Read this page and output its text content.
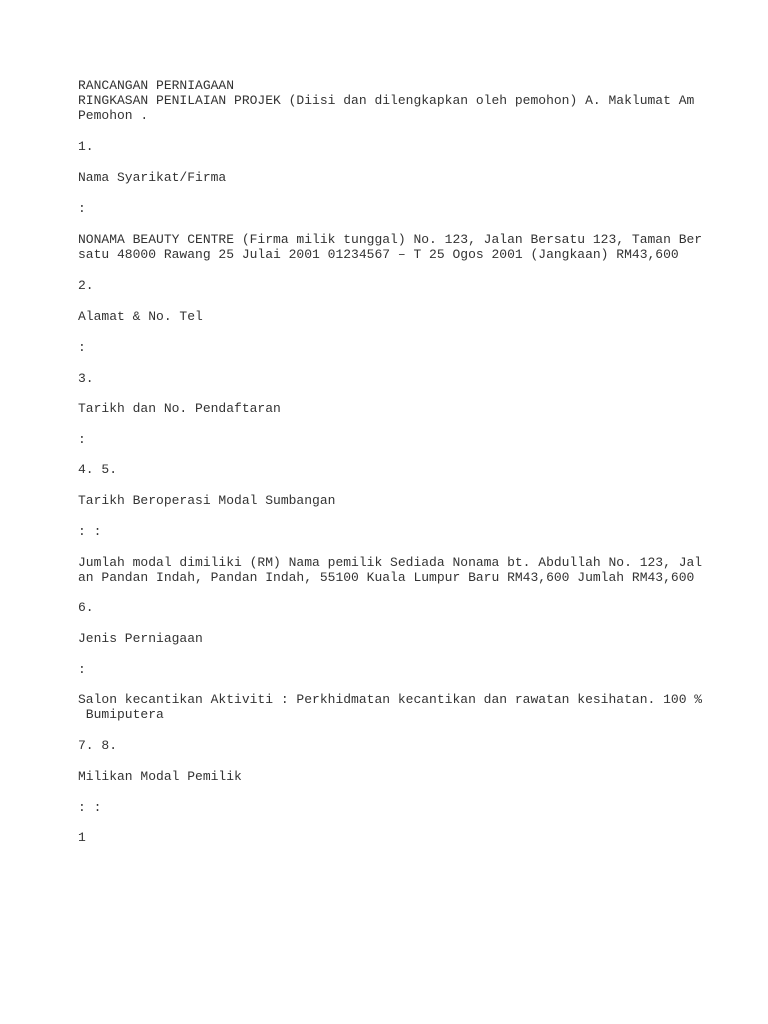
RANCANGAN PERNIAGAAN

RINGKASAN PENILAIAN PROJEK (Diisi dan dilengkapkan oleh pemohon) A. Maklumat Am

Pemohon .

1.

Nama Syarikat/Firma

:

NONAMA BEAUTY CENTRE (Firma milik tunggal) No. 123, Jalan Bersatu 123, Taman Ber

satu 48000 Rawang 25 Julai 2001 01234567 – T 25 Ogos 2001 (Jangkaan) RM43,600

2.

Alamat & No. Tel

:

3.

Tarikh dan No. Pendaftaran

:

4. 5.

Tarikh Beroperasi Modal Sumbangan

: :

Jumlah modal dimiliki (RM) Nama pemilik Sediada Nonama bt. Abdullah No. 123, Jal

an Pandan Indah, Pandan Indah, 55100 Kuala Lumpur Baru RM43,600 Jumlah RM43,600

6.

Jenis Perniagaan

:

Salon kecantikan Aktiviti : Perkhidmatan kecantikan dan rawatan kesihatan. 100 %

Bumiputera

7. 8.

Milikan Modal Pemilik

: :

1
